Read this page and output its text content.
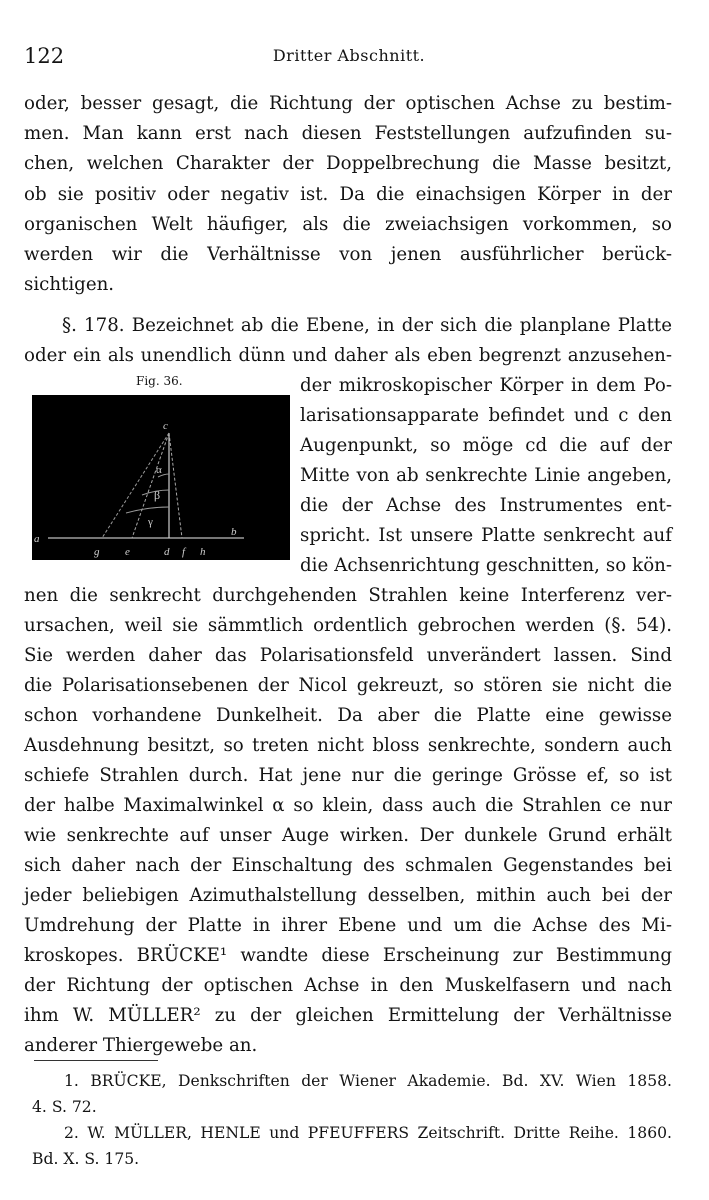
122	Dritter Abschnitt.
oder, besser gesagt, die Richtung der optischen Achse zu bestim-
men. Man kann erst nach diesen Feststellungen aufzufinden su-
chen, welchen Charakter der Doppelbrechung die Masse besitzt,
ob sie positiv oder negativ ist. Da die einachsigen Körper in der
organischen Welt häufiger, als die zweiachsigen vorkommen, so
werden wir die Verhältnisse von jenen ausführlicher berück-
sichtigen.
§. 178. Bezeichnet ab die Ebene, in der sich die planplane Platte
oder ein als unendlich dünn und daher als eben begrenzt anzusehen-
der mikroskopischer Körper in dem Po-
larisationsapparate befindet und c den
Augenpunkt, so möge cd die auf der
Mitte von ab senkrechte Linie angeben,
die der Achse des Instrumentes ent-
spricht. Ist unsere Platte senkrecht auf
die Achsenrichtung geschnitten, so kön-
nen die senkrecht durchgehenden Strahlen keine Interferenz ver-
ursachen, weil sie sämmtlich ordentlich gebrochen werden (§. 54).
Sie werden daher das Polarisationsfeld unverändert lassen. Sind
die Polarisationsebenen der Nicol gekreuzt, so stören sie nicht die
schon vorhandene Dunkelheit. Da aber die Platte eine gewisse
Ausdehnung besitzt, so treten nicht bloss senkrechte, sondern auch
schiefe Strahlen durch. Hat jene nur die geringe Grösse ef, so ist
der halbe Maximalwinkel α so klein, dass auch die Strahlen ce nur
wie senkrechte auf unser Auge wirken. Der dunkele Grund erhält
sich daher nach der Einschaltung des schmalen Gegenstandes bei
jeder beliebigen Azimuthalstellung desselben, mithin auch bei der
Umdrehung der Platte in ihrer Ebene und um die Achse des Mi-
kroskopes. BRÜCKE¹ wandte diese Erscheinung zur Bestimmung
der Richtung der optischen Achse in den Muskelfasern und nach
ihm W. MÜLLER² zu der gleichen Ermittelung der Verhältnisse
anderer Thiergewebe an.
Fig. 36.
c
α
β
γ
a
b
g e	d f h
1. BRÜCKE, Denkschriften der Wiener Akademie. Bd. XV. Wien 1858.
4. S. 72.
2. W. MÜLLER, HENLE und PFEUFFERS Zeitschrift. Dritte Reihe. 1860.
Bd. X. S. 175.
